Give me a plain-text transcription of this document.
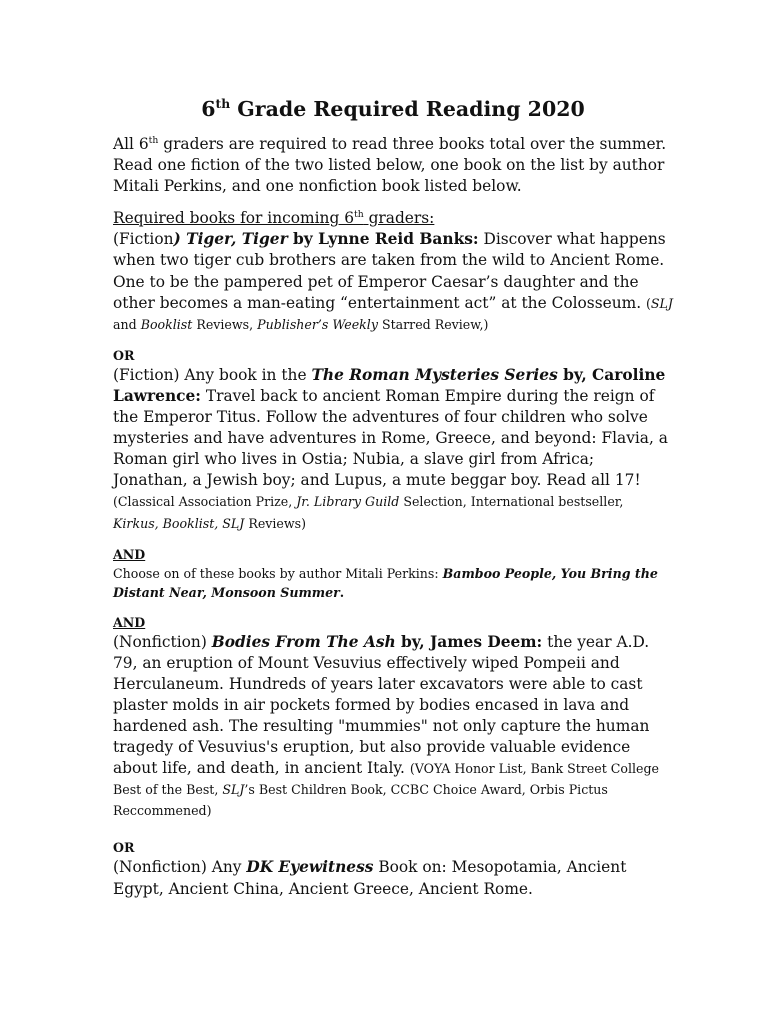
6th Grade Required Reading 2020

All 6th graders are required to read three books total over the summer. Read one fiction of the two listed below, one book on the list by author Mitali Perkins, and one nonfiction book listed below.

Required books for incoming 6th graders:

(Fiction) Tiger, Tiger by Lynne Reid Banks: Discover what happens when two tiger cub brothers are taken from the wild to Ancient Rome. One to be the pampered pet of Emperor Caesar’s daughter and the other becomes a man-eating “entertainment act” at the Colosseum. (SLJ and Booklist Reviews, Publisher’s Weekly Starred Review,)

OR

(Fiction) Any book in the The Roman Mysteries Series by, Caroline Lawrence: Travel back to ancient Roman Empire during the reign of the Emperor Titus. Follow the adventures of four children who solve mysteries and have adventures in Rome, Greece, and beyond: Flavia, a Roman girl who lives in Ostia; Nubia, a slave girl from Africa; Jonathan, a Jewish boy; and Lupus, a mute beggar boy. Read all 17! (Classical Association Prize, Jr. Library Guild Selection, International bestseller, Kirkus, Booklist, SLJ Reviews)

AND

Choose on of these books by author Mitali Perkins: Bamboo People, You Bring the Distant Near, Monsoon Summer.

AND

(Nonfiction) Bodies From The Ash by, James Deem: the year A.D. 79, an eruption of Mount Vesuvius effectively wiped Pompeii and Herculaneum. Hundreds of years later excavators were able to cast plaster molds in air pockets formed by bodies encased in lava and hardened ash. The resulting "mummies" not only capture the human tragedy of Vesuvius's eruption, but also provide valuable evidence about life, and death, in ancient Italy. (VOYA Honor List, Bank Street College Best of the Best, SLJ’s Best Children Book, CCBC Choice Award, Orbis Pictus Reccommened)

OR

(Nonfiction) Any DK Eyewitness Book on: Mesopotamia, Ancient Egypt, Ancient China, Ancient Greece, Ancient Rome.
